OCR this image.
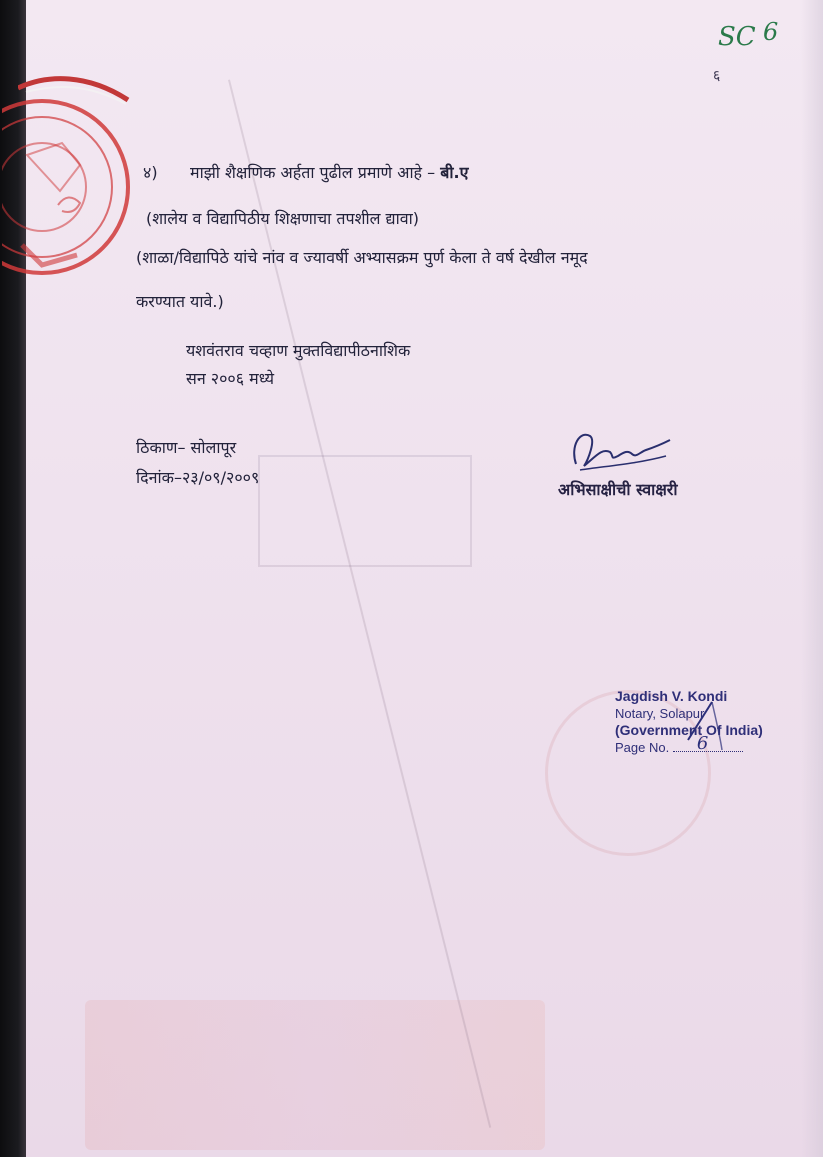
SC 6
६
४) माझी शैक्षणिक अर्हता पुढील प्रमाणे आहे – बी.ए
(शालेय व विद्यापिठीय शिक्षणाचा तपशील द्यावा)
(शाळा/विद्यापिठे यांचे नांव व ज्यावर्षी अभ्यासक्रम पुर्ण केला ते वर्ष देखील नमूद
करण्यात यावे.)
यशवंतराव चव्हाण मुक्तविद्यापीठनाशिक
सन २००६ मध्ये
ठिकाण– सोलापूर
दिनांक–२३/०९/२००९
अभिसाक्षीची स्वाक्षरी
Jagdish V. Kondi
Notary, Solapur
(Government Of India)
Page No. 6
